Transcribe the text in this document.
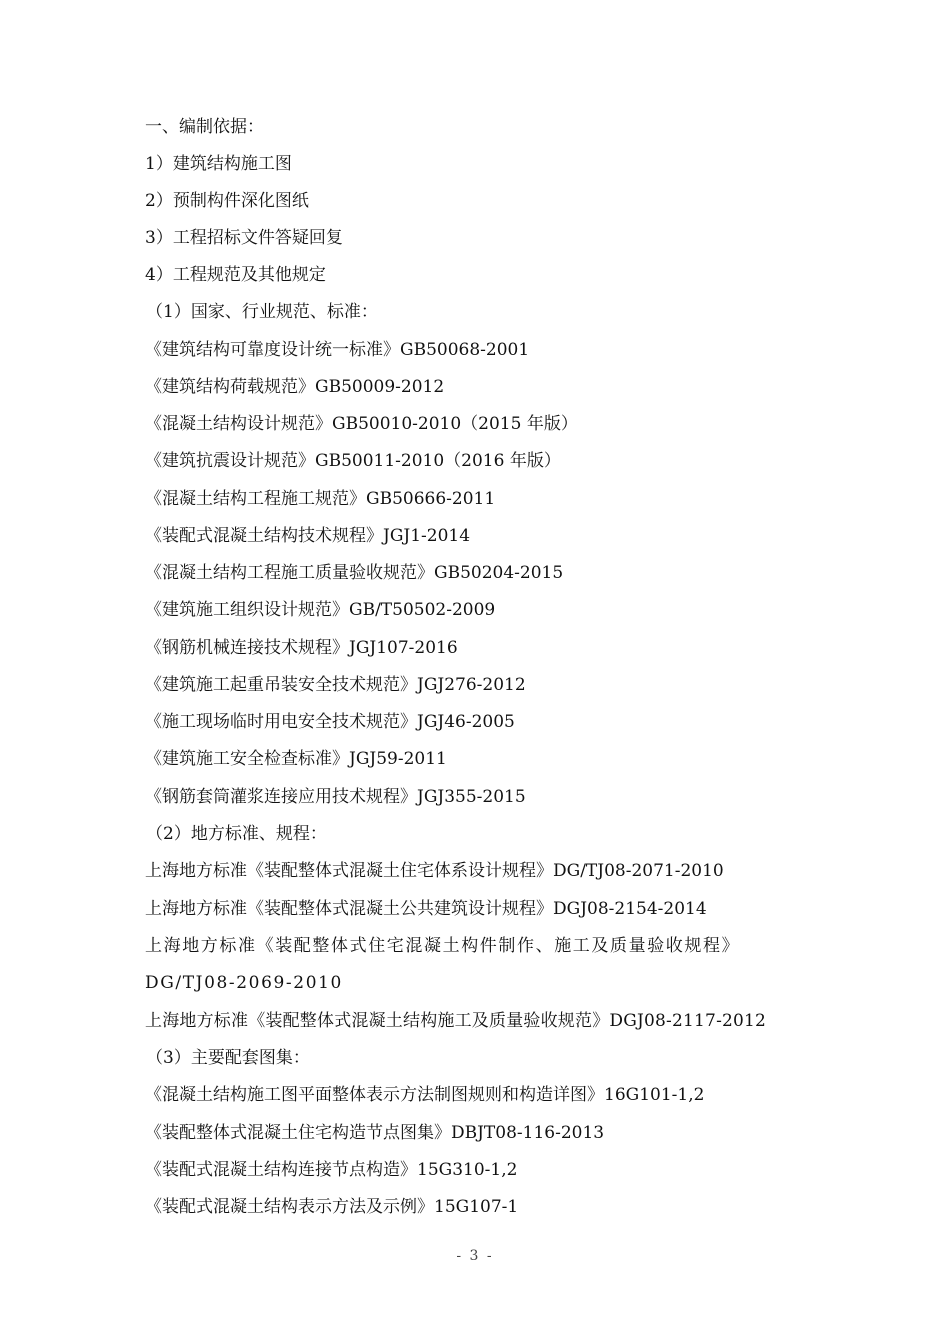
一、编制依据：
1）建筑结构施工图
2）预制构件深化图纸
3）工程招标文件答疑回复
4）工程规范及其他规定
（1）国家、行业规范、标准：
《建筑结构可靠度设计统一标准》GB50068-2001
《建筑结构荷载规范》GB50009-2012
《混凝土结构设计规范》GB50010-2010（2015 年版）
《建筑抗震设计规范》GB50011-2010（2016 年版）
《混凝土结构工程施工规范》GB50666-2011
《装配式混凝土结构技术规程》JGJ1-2014
《混凝土结构工程施工质量验收规范》GB50204-2015
《建筑施工组织设计规范》GB/T50502-2009
《钢筋机械连接技术规程》JGJ107-2016
《建筑施工起重吊装安全技术规范》JGJ276-2012
《施工现场临时用电安全技术规范》JGJ46-2005
《建筑施工安全检查标准》JGJ59-2011
《钢筋套筒灌浆连接应用技术规程》JGJ355-2015
（2）地方标准、规程：
上海地方标准《装配整体式混凝土住宅体系设计规程》DG/TJ08-2071-2010
上海地方标准《装配整体式混凝土公共建筑设计规程》DGJ08-2154-2014
上海地方标准《装配整体式住宅混凝土构件制作、施工及质量验收规程》
DG/TJ08-2069-2010
上海地方标准《装配整体式混凝土结构施工及质量验收规范》DGJ08-2117-2012
（3）主要配套图集：
《混凝土结构施工图平面整体表示方法制图规则和构造详图》16G101-1,2
《装配整体式混凝土住宅构造节点图集》DBJT08-116-2013
《装配式混凝土结构连接节点构造》15G310-1,2
《装配式混凝土结构表示方法及示例》15G107-1
- 3 -
